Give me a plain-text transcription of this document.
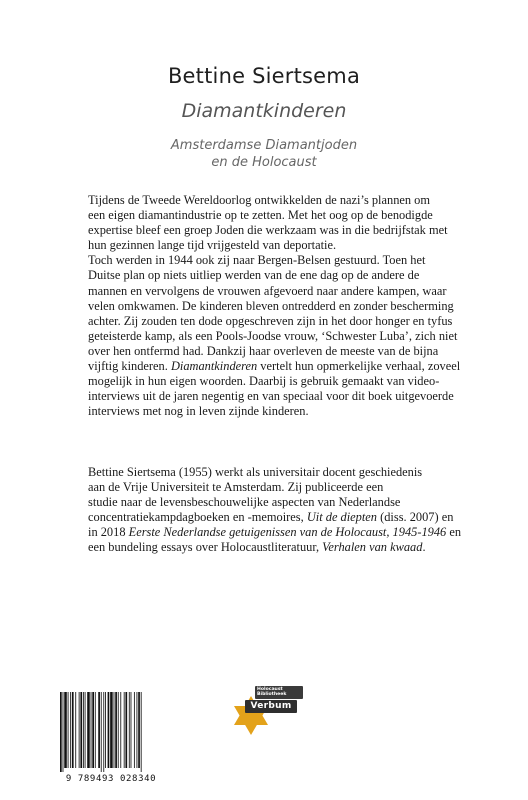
Bettine Siertsema
Diamantkinderen
Amsterdamse Diamantjoden
en de Holocaust
Tijdens de Tweede Wereldoorlog ontwikkelden de nazi’s plannen om
een eigen diamantindustrie op te zetten. Met het oog op de benodigde
expertise bleef een groep Joden die werkzaam was in die bedrijfstak met
hun gezinnen lange tijd vrijgesteld van deportatie.
Toch werden in 1944 ook zij naar Bergen-Belsen gestuurd. Toen het
Duitse plan op niets uitliep werden van de ene dag op de andere de
mannen en vervolgens de vrouwen afgevoerd naar andere kampen, waar
velen omkwamen. De kinderen bleven ontredderd en zonder bescherming
achter. Zij zouden ten dode opgeschreven zijn in het door honger en tyfus
geteisterde kamp, als een Pools-Joodse vrouw, ‘Schwester Luba’, zich niet
over hen ontfermd had. Dankzij haar overleven de meeste van de bijna
vijftig kinderen. Diamantkinderen vertelt hun opmerkelijke verhaal, zoveel
mogelijk in hun eigen woorden. Daarbij is gebruik gemaakt van video-
interviews uit de jaren negentig en van speciaal voor dit boek uitgevoerde
interviews met nog in leven zijnde kinderen.
Bettine Siertsema (1955) werkt als universitair docent geschiedenis
aan de Vrije Universiteit te Amsterdam. Zij publiceerde een
studie naar de levensbeschouwelijke aspecten van Nederlandse
concentratiekampdagboeken en -memoires, Uit de diepten (diss. 2007) en
in 2018 Eerste Nederlandse getuigenissen van de Holocaust, 1945-1946 en
een bundeling essays over Holocaustliteratuur, Verhalen van kwaad.
9 789493 028340
Holocaust
Bibliotheek
Verbum
